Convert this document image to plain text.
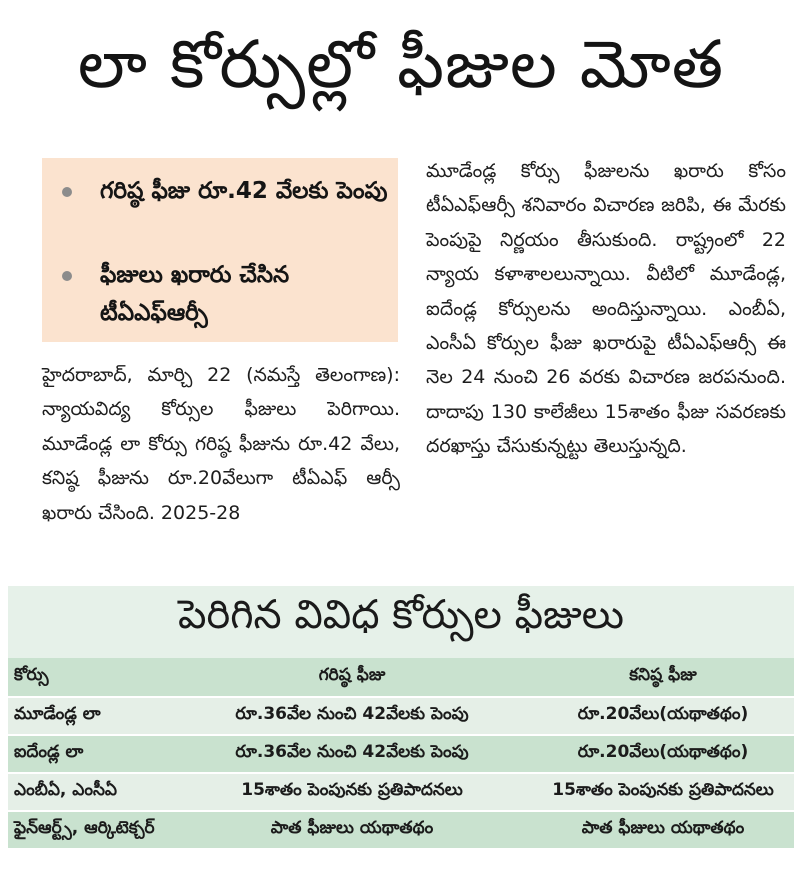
లా కోర్సుల్లో ఫీజుల మోత
గరిష్ఠ ఫీజు రూ.42 వేలకు పెంపు
ఫీజులు ఖరారు చేసిన టీఏఎఫ్‌ఆర్సీ
హైదరాబాద్‌, మార్చి 22 (నమస్తే తెలంగాణ): న్యాయవిద్య కోర్సుల ఫీజులు పెరిగాయి. మూడేండ్ల లా కోర్సు గరిష్ఠ ఫీజును రూ.42 వేలు, కనిష్ఠ ఫీజును రూ.20వేలుగా టీఏఎఫ్‌ ఆర్సీ ఖరారు చేసింది. 2025-28
మూడేండ్ల కోర్సు ఫీజులను ఖరారు కోసం టీఏఎఫ్‌ఆర్సీ శనివారం విచారణ జరిపి, ఈ మేరకు పెంపుపై నిర్ణయం తీసుకుంది. రాష్ట్రంలో 22 న్యాయ కళాశాలలున్నాయి. వీటిలో మూడేండ్ల, ఐదేండ్ల కోర్సులను అందిస్తున్నాయి. ఎంబీఏ, ఎంసీఏ కోర్సుల ఫీజు ఖరారుపై టీఏఎఫ్‌ఆర్సీ ఈ నెల 24 నుంచి 26 వరకు విచారణ జరపనుంది. దాదాపు 130 కాలేజీలు 15శాతం ఫీజు సవరణకు దరఖాస్తు చేసుకున్నట్టు తెలుస్తున్నది.
పెరిగిన వివిధ కోర్సుల ఫీజులు
కోర్సు	గరిష్ఠ ఫీజు	కనిష్ఠ ఫీజు
మూడేండ్ల లా	రూ.36వేల నుంచి 42వేలకు పెంపు	రూ.20వేలు(యథాతథం)
ఐదేండ్ల లా	రూ.36వేల నుంచి 42వేలకు పెంపు	రూ.20వేలు(యథాతథం)
ఎంబీఏ, ఎంసీఏ	15శాతం పెంపునకు ప్రతిపాదనలు	15శాతం పెంపునకు ప్రతిపాదనలు
ఫైన్‌ఆర్ట్స్‌, ఆర్కిటెక్చర్‌	పాత ఫీజులు యథాతథం	పాత ఫీజులు యథాతథం
